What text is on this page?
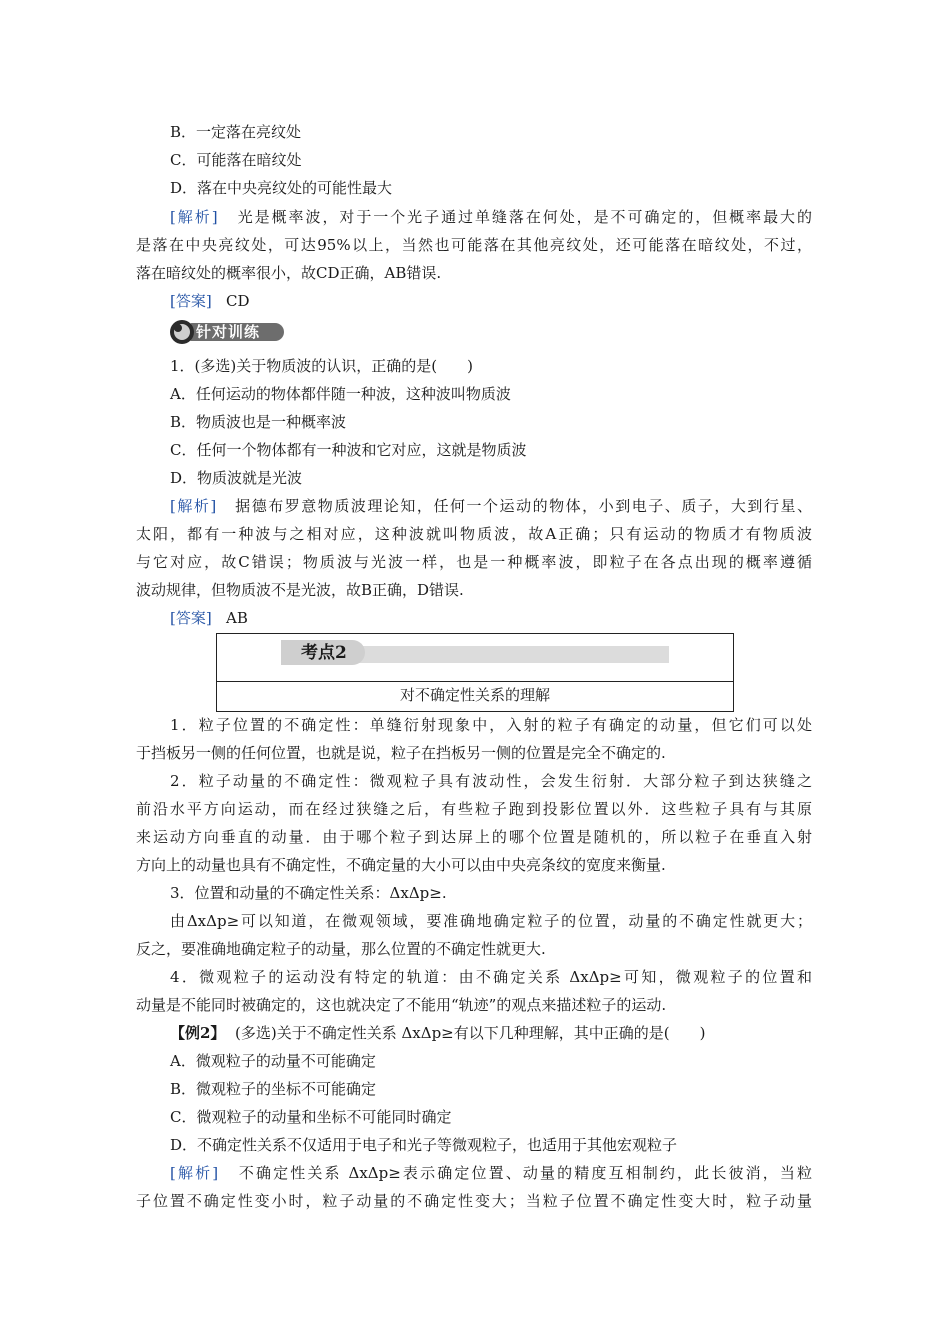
B．一定落在亮纹处
C．可能落在暗纹处
D．落在中央亮纹处的可能性最大
[解析] 光是概率波，对于一个光子通过单缝落在何处，是不可确定的，但概率最大的
是落在中央亮纹处，可达95%以上，当然也可能落在其他亮纹处，还可能落在暗纹处，不过，
落在暗纹处的概率很小，故CD正确，AB错误.
[答案] CD
针对训练
1．(多选)关于物质波的认识，正确的是(　　)
A．任何运动的物体都伴随一种波，这种波叫物质波
B．物质波也是一种概率波
C．任何一个物体都有一种波和它对应，这就是物质波
D．物质波就是光波
[解析] 据德布罗意物质波理论知，任何一个运动的物体，小到电子、质子，大到行星、
太阳，都有一种波与之相对应，这种波就叫物质波，故A正确；只有运动的物质才有物质波
与它对应，故C错误；物质波与光波一样，也是一种概率波，即粒子在各点出现的概率遵循
波动规律，但物质波不是光波，故B正确，D错误.
[答案] AB
考点2
对不确定性关系的理解
1．粒子位置的不确定性：单缝衍射现象中，入射的粒子有确定的动量，但它们可以处
于挡板另一侧的任何位置，也就是说，粒子在挡板另一侧的位置是完全不确定的.
2．粒子动量的不确定性：微观粒子具有波动性，会发生衍射．大部分粒子到达狭缝之
前沿水平方向运动，而在经过狭缝之后，有些粒子跑到投影位置以外．这些粒子具有与其原
来运动方向垂直的动量．由于哪个粒子到达屏上的哪个位置是随机的，所以粒子在垂直入射
方向上的动量也具有不确定性，不确定量的大小可以由中央亮条纹的宽度来衡量.
3．位置和动量的不确定性关系：ΔxΔp≥.
由ΔxΔp≥可以知道，在微观领域，要准确地确定粒子的位置，动量的不确定性就更大；
反之，要准确地确定粒子的动量，那么位置的不确定性就更大.
4．微观粒子的运动没有特定的轨道：由不确定关系 ΔxΔp≥可知，微观粒子的位置和
动量是不能同时被确定的，这也就决定了不能用“轨迹”的观点来描述粒子的运动.
【例2】 (多选)关于不确定性关系 ΔxΔp≥有以下几种理解，其中正确的是(　　)
A．微观粒子的动量不可能确定
B．微观粒子的坐标不可能确定
C．微观粒子的动量和坐标不可能同时确定
D．不确定性关系不仅适用于电子和光子等微观粒子，也适用于其他宏观粒子
[解析] 不确定性关系 ΔxΔp≥表示确定位置、动量的精度互相制约，此长彼消，当粒
子位置不确定性变小时，粒子动量的不确定性变大；当粒子位置不确定性变大时，粒子动量
